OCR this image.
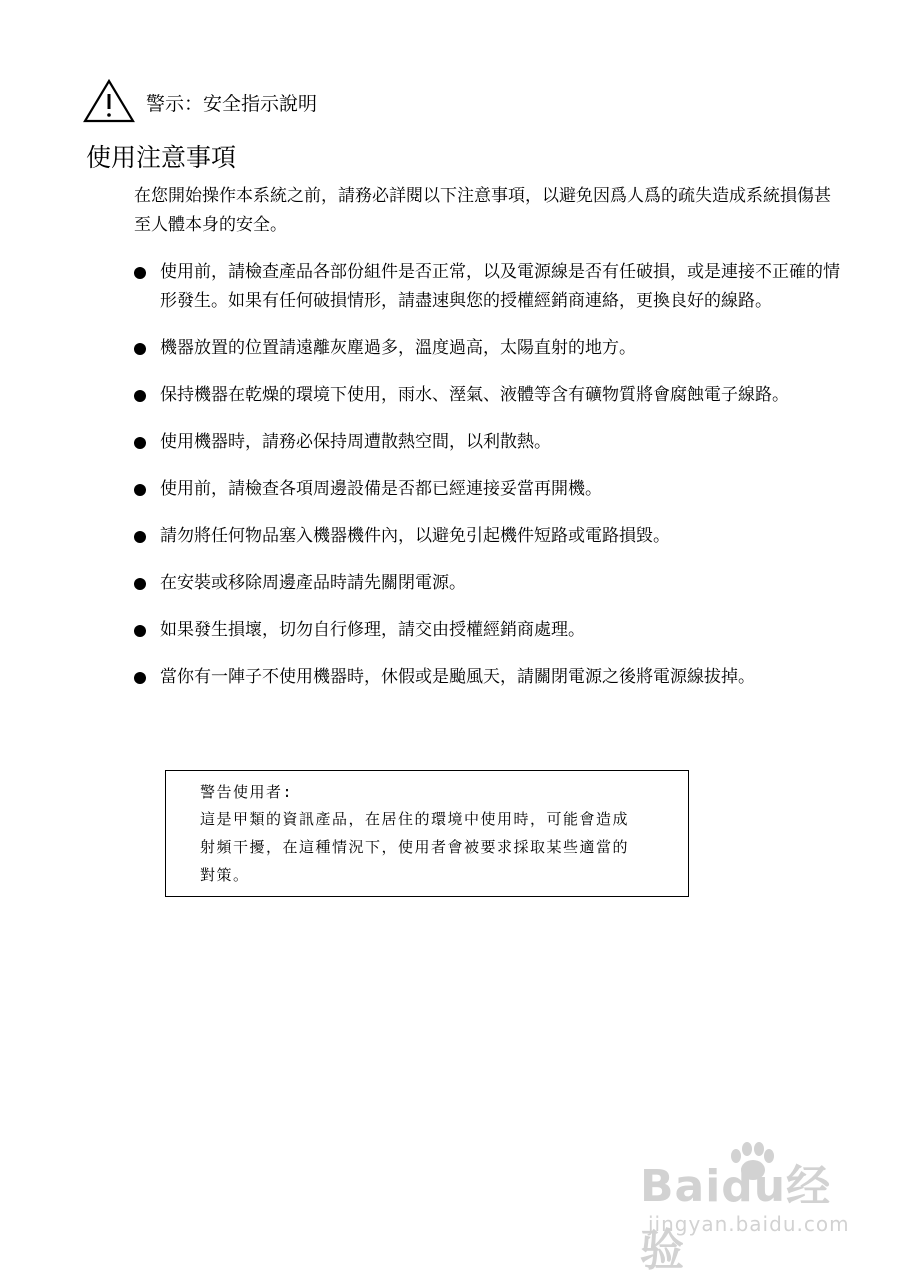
警示：安全指示說明
使用注意事項

在您開始操作本系統之前，請務必詳閱以下注意事項，以避免因爲人爲的疏失造成系統損傷甚至人體本身的安全。

使用前，請檢查產品各部份組件是否正常，以及電源線是否有任破損，或是連接不正確的情形發生。如果有任何破損情形，請盡速與您的授權經銷商連絡，更換良好的線路。
機器放置的位置請遠離灰塵過多，溫度過高，太陽直射的地方。
保持機器在乾燥的環境下使用，雨水、溼氣、液體等含有礦物質將會腐蝕電子線路。
使用機器時，請務必保持周遭散熱空間，以利散熱。
使用前，請檢查各項周邊設備是否都已經連接妥當再開機。
請勿將任何物品塞入機器機件內，以避免引起機件短路或電路損毀。
在安裝或移除周邊產品時請先關閉電源。
如果發生損壞，切勿自行修理，請交由授權經銷商處理。
當你有一陣子不使用機器時，休假或是颱風天，請關閉電源之後將電源線拔掉。

警告使用者:

這是甲類的資訊產品，在居住的環境中使用時，可能會造成

射頻干擾，在這種情況下，使用者會被要求採取某些適當的

對策。

Baidu经验
jingyan.baidu.com
